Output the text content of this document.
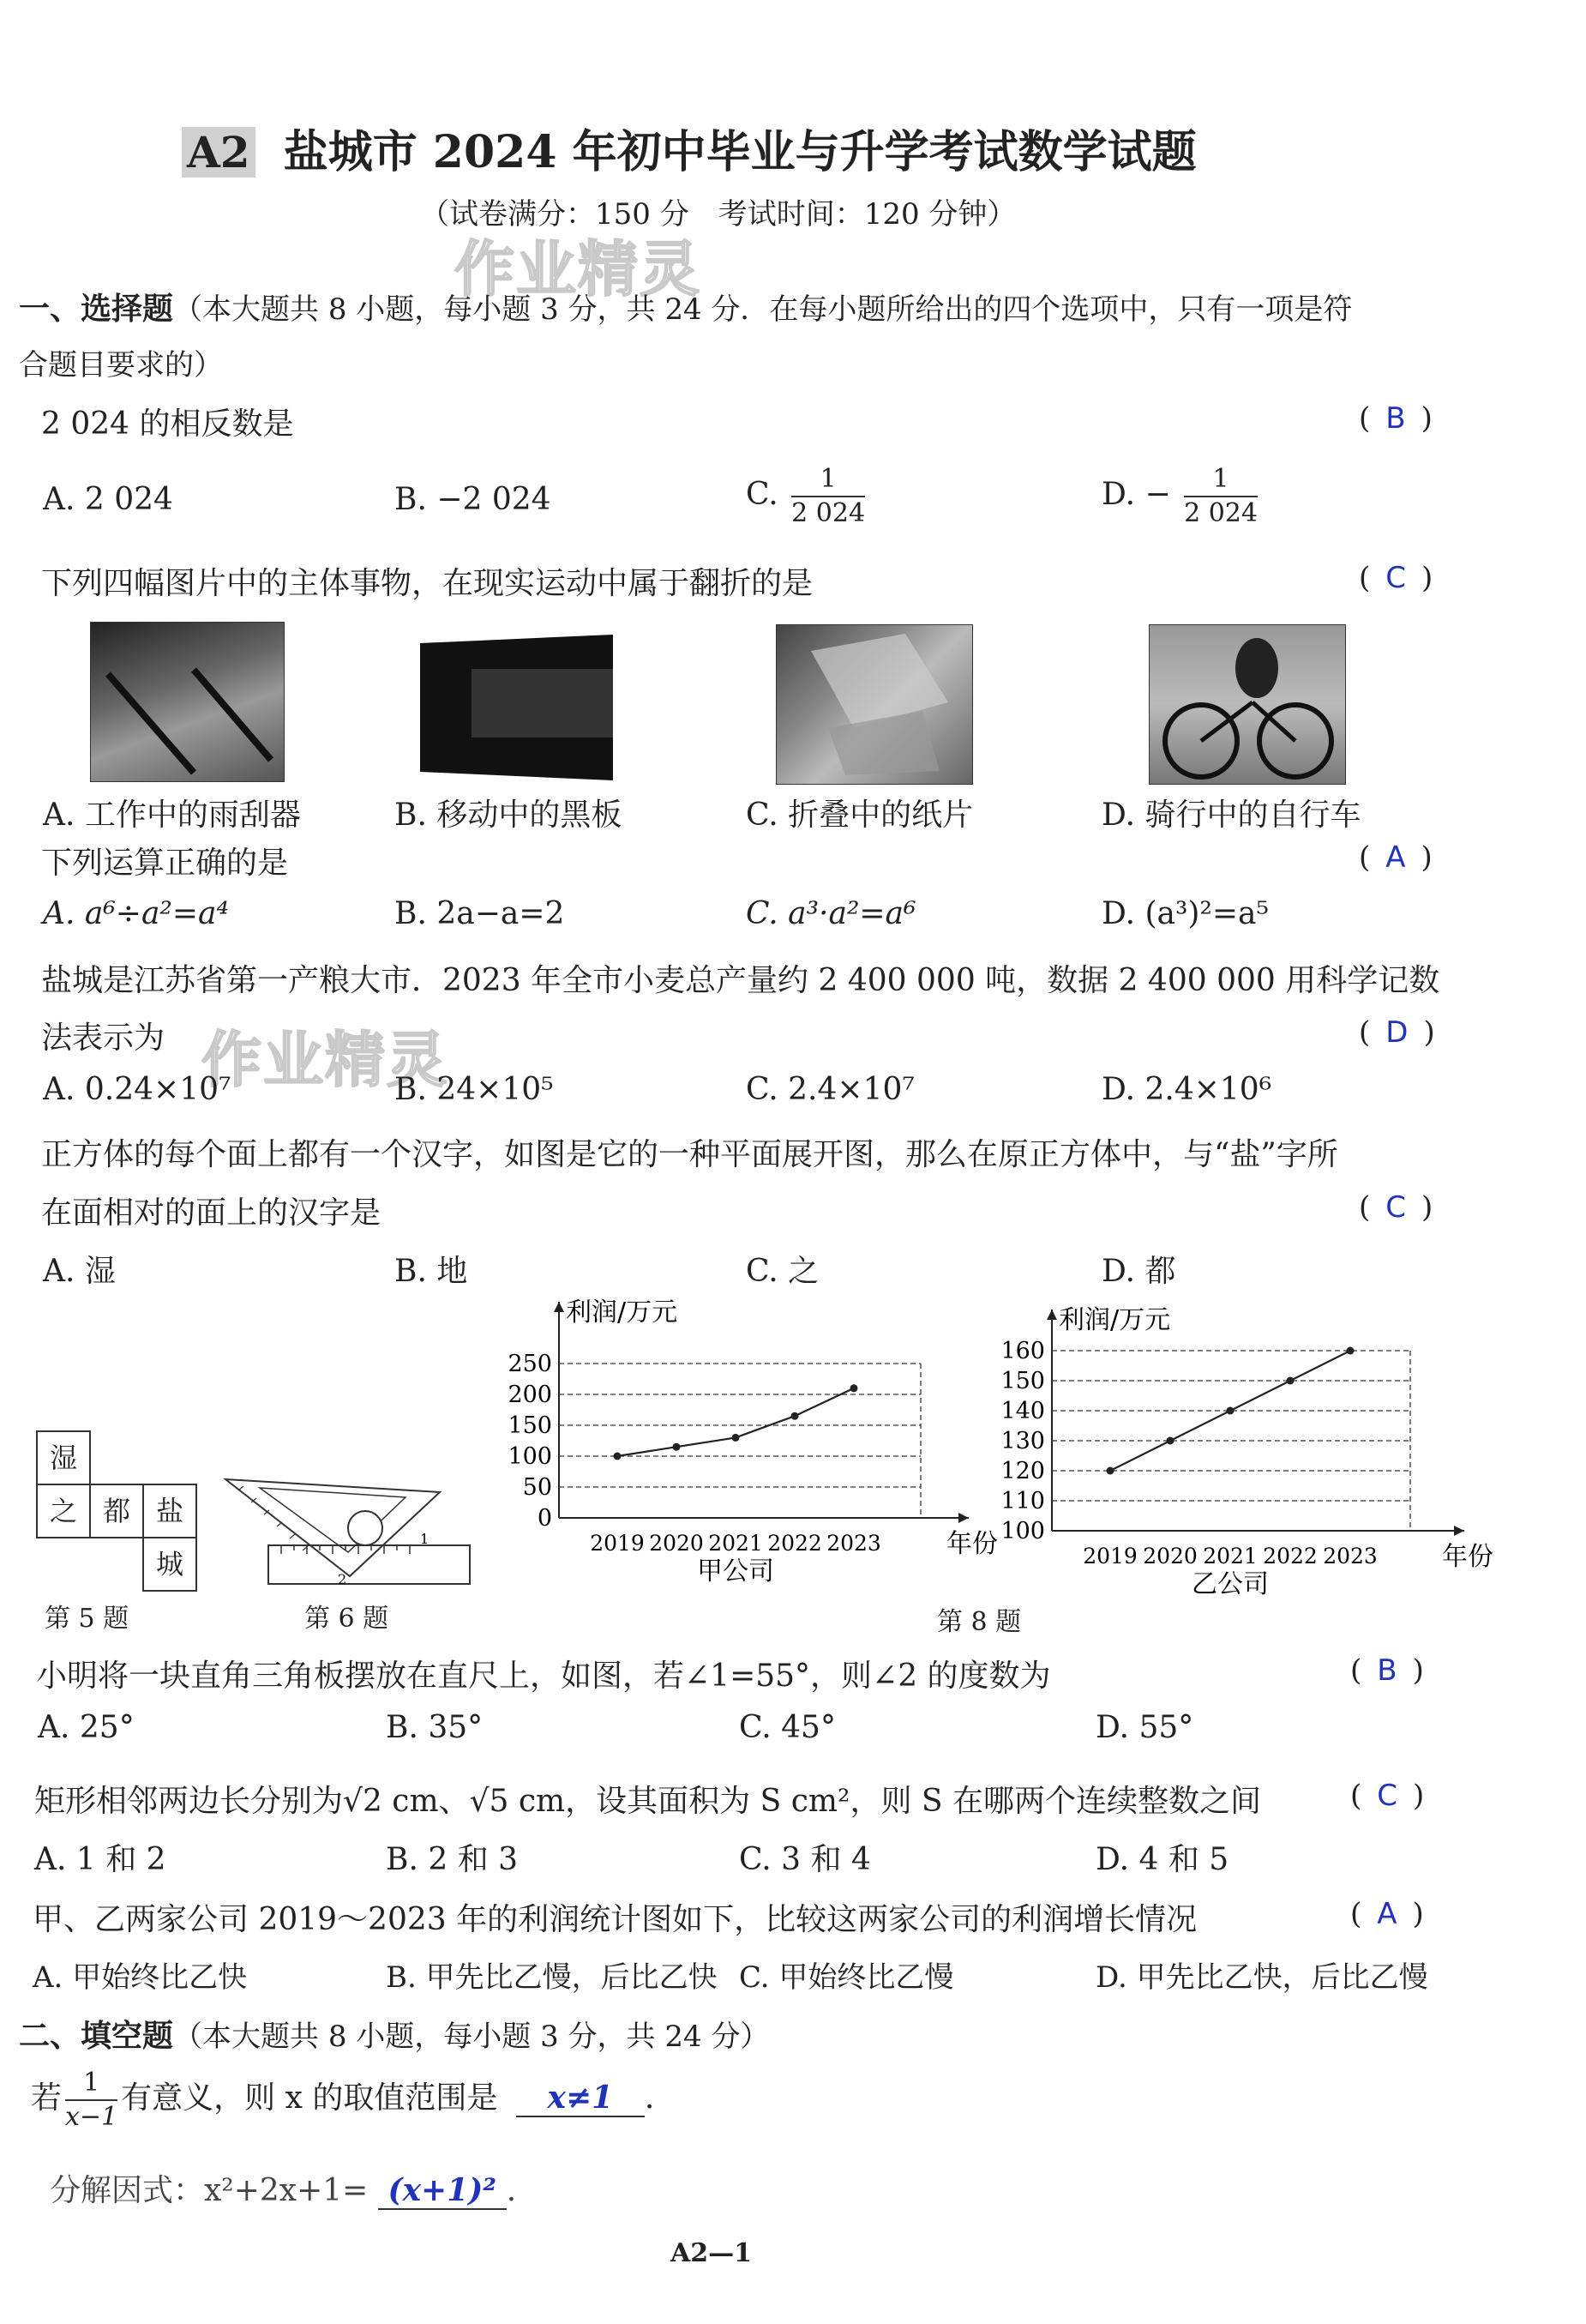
A2 盐城市 2024 年初中毕业与升学考试数学试题
（试卷满分：150 分　考试时间：120 分钟）
作业精灵
作业精灵
一、选择题（本大题共 8 小题，每小题 3 分，共 24 分．在每小题所给出的四个选项中，只有一项是符
合题目要求的）
2 024 的相反数是	( B )
A. 2 024	B. −2 024	C. $\frac{1}{2 024}$	D. − $\frac{1}{2 024}$
下列四幅图片中的主体事物，在现实运动中属于翻折的是	( C )
A. 工作中的雨刮器	B. 移动中的黑板	C. 折叠中的纸片	D. 骑行中的自行车
下列运算正确的是	( A )
A. a⁶÷a²=a⁴	B. 2a−a=2	C. a³·a²=a⁶	D. (a³)²=a⁵
盐城是江苏省第一产粮大市．2023 年全市小麦总产量约 2 400 000 吨，数据 2 400 000 用科学记数
法表示为	( D )
A. 0.24×10⁷	B. 24×10⁵	C. 2.4×10⁷	D. 2.4×10⁶
正方体的每个面上都有一个汉字，如图是它的一种平面展开图，那么在原正方体中，与“盐”字所
在面相对的面上的汉字是	( C )
A. 湿	B. 地	C. 之	D. 都
湿
之 都 盐
城
第 5 题
1
2
第 6 题
0
50
100
150
200
250
2019 2020 2021 2022 2023
利润/万元
年份
甲公司
100
110
120
130
140
150
160
2019 2020 2021 2022 2023
利润/万元
年份
乙公司
第 8 题
小明将一块直角三角板摆放在直尺上，如图，若∠1=55°，则∠2 的度数为	( B )
A. 25°	B. 35°	C. 45°	D. 55°
矩形相邻两边长分别为√2 cm、√5 cm，设其面积为 S cm²，则 S 在哪两个连续整数之间	( C )
A. 1 和 2	B. 2 和 3	C. 3 和 4	D. 4 和 5
甲、乙两家公司 2019～2023 年的利润统计图如下，比较这两家公司的利润增长情况	( A )
A. 甲始终比乙快	B. 甲先比乙慢，后比乙快 C. 甲始终比乙慢	D. 甲先比乙快，后比乙慢
二、填空题（本大题共 8 小题，每小题 3 分，共 24 分）
若 $\frac{1}{x-1}$ 有意义，则 x 的取值范围是 x≠1 .
分解因式：x²+2x+1= (x+1)² .
A2—1
